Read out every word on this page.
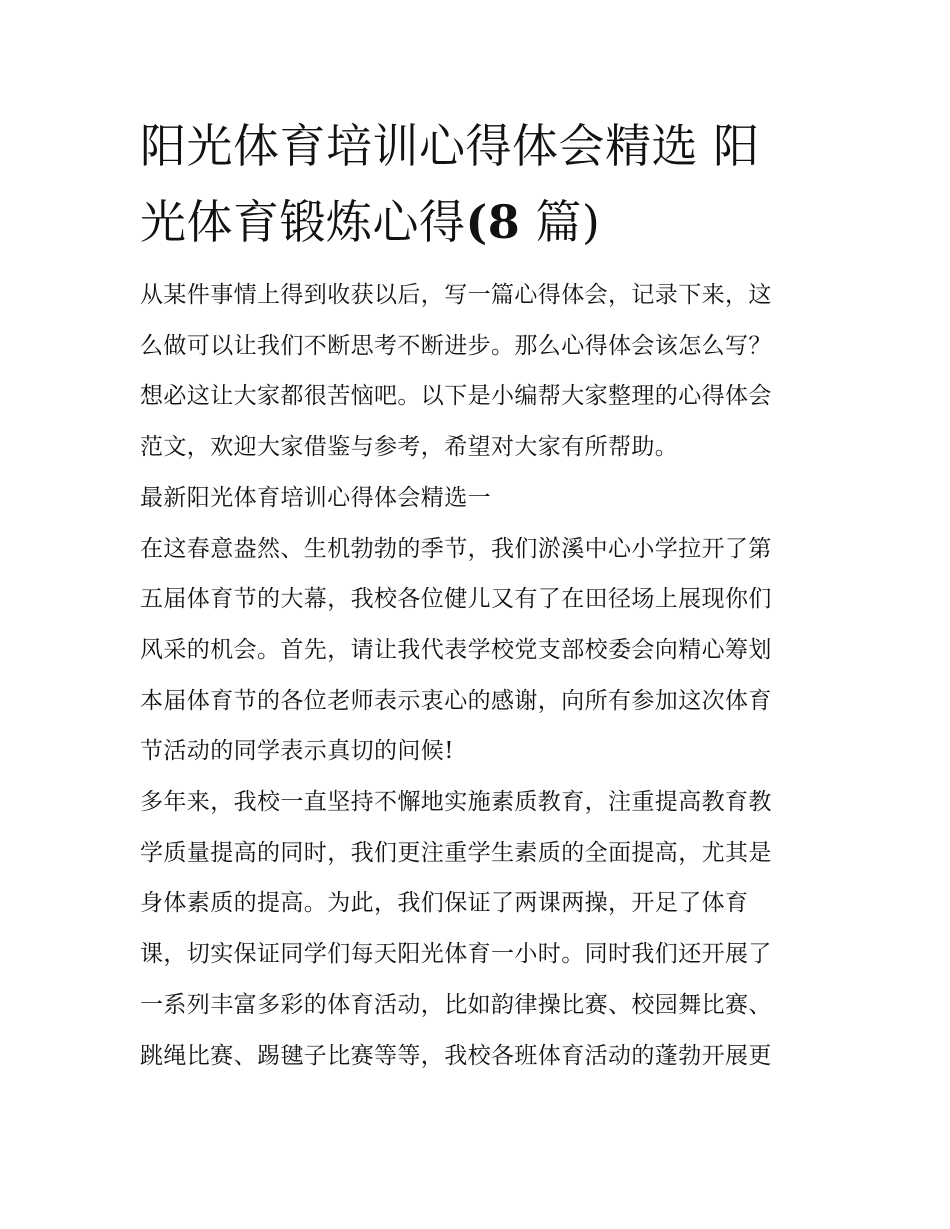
阳光体育培训心得体会精选 阳
光体育锻炼心得(8 篇)

从某件事情上得到收获以后，写一篇心得体会，记录下来，这
么做可以让我们不断思考不断进步。那么心得体会该怎么写？
想必这让大家都很苦恼吧。以下是小编帮大家整理的心得体会
范文，欢迎大家借鉴与参考，希望对大家有所帮助。

最新阳光体育培训心得体会精选一

在这春意盎然、生机勃勃的季节，我们淤溪中心小学拉开了第
五届体育节的大幕，我校各位健儿又有了在田径场上展现你们
风采的机会。首先，请让我代表学校党支部校委会向精心筹划
本届体育节的各位老师表示衷心的感谢，向所有参加这次体育
节活动的同学表示真切的问候!

多年来，我校一直坚持不懈地实施素质教育，注重提高教育教
学质量提高的同时，我们更注重学生素质的全面提高，尤其是
身体素质的提高。为此，我们保证了两课两操，开足了体育
课，切实保证同学们每天阳光体育一小时。同时我们还开展了
一系列丰富多彩的体育活动，比如韵律操比赛、校园舞比赛、
跳绳比赛、踢毽子比赛等等，我校各班体育活动的蓬勃开展更
